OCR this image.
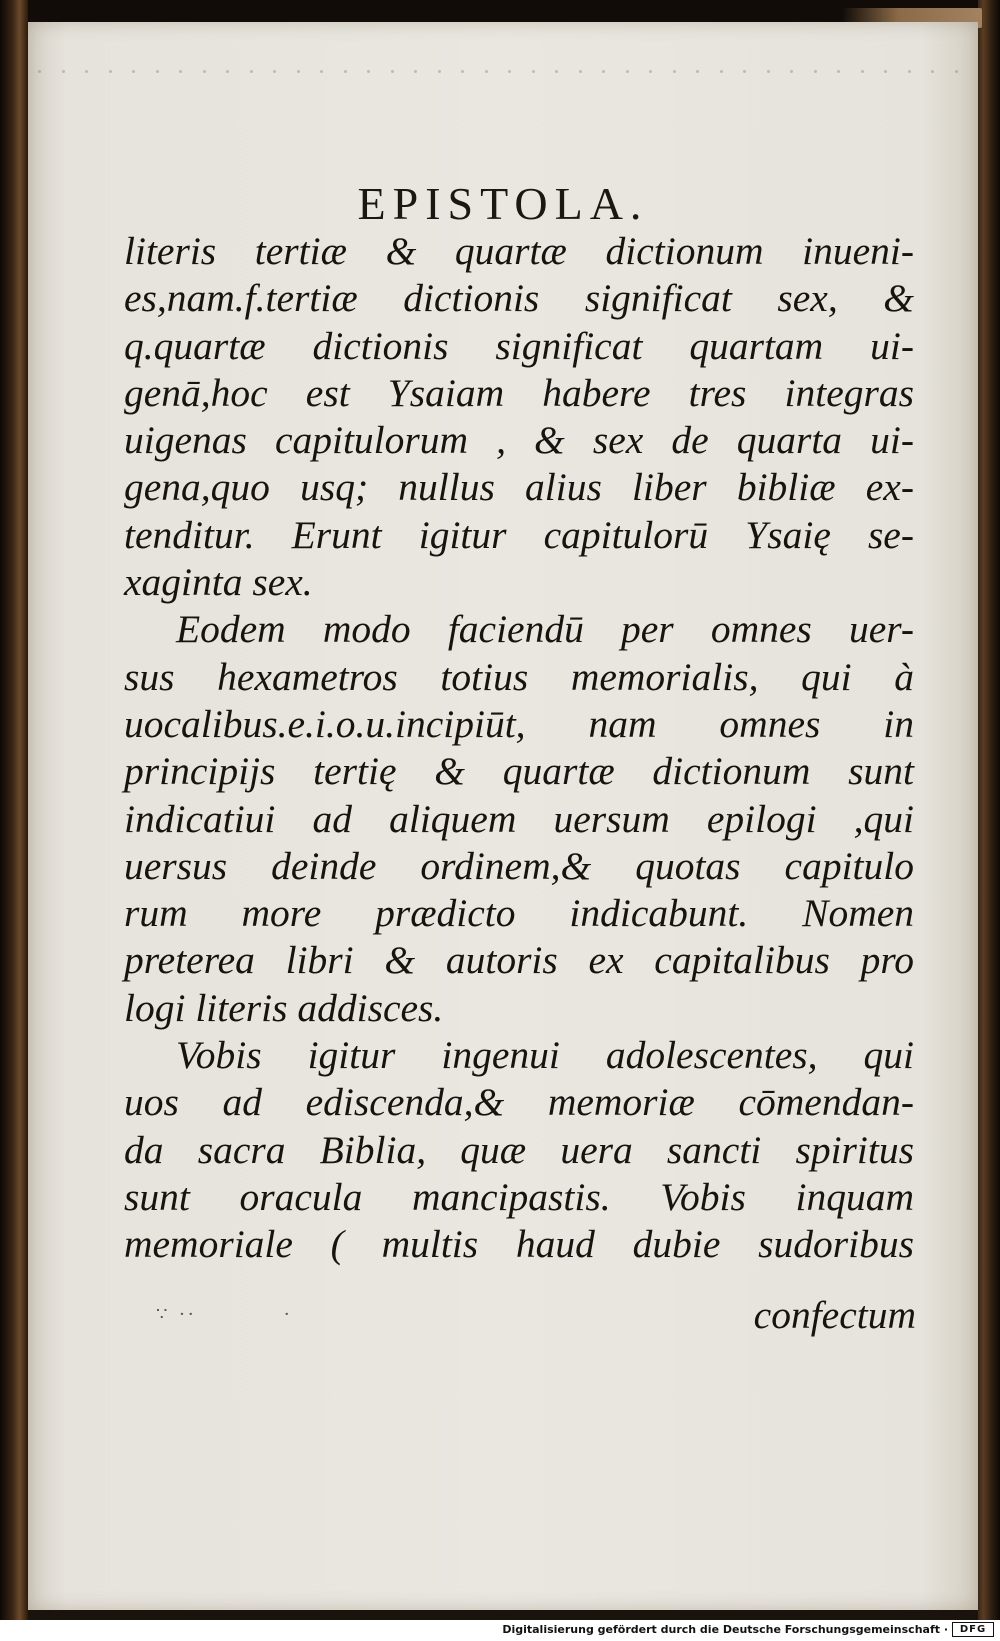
EPISTOLA.
literis tertiæ & quartæ dictionum inueni-
es,nam.f.tertiæ dictionis significat sex, &
q.quartæ dictionis significat quartam ui-
genā,hoc est Ysaiam habere tres integras
uigenas capitulorum , & sex de quarta ui-
gena,quo usq; nullus alius liber bibliæ ex-
tenditur. Erunt igitur capitulorū Ysaię se-
xaginta sex.
Eodem modo faciendū per omnes uer-
sus hexametros totius memorialis, qui à
uocalibus.e.i.o.u.incipiūt, nam omnes in
principijs tertię & quartæ dictionum sunt
indicatiui ad aliquem uersum epilogi ,qui
uersus deinde ordinem,& quotas capitulo
rum more prædicto indicabunt. Nomen
preterea libri & autoris ex capitalibus pro
logi literis addisces.
Vobis igitur ingenui adolescentes, qui
uos ad ediscenda,& memoriæ cōmendan-
da sacra Biblia, quæ uera sancti spiritus
sunt oracula mancipastis. Vobis inquam
memoriale ( multis haud dubie sudoribus
∵ ··          ·	confectum
Digitalisierung gefördert durch die Deutsche Forschungsgemeinschaft ·	DFG
